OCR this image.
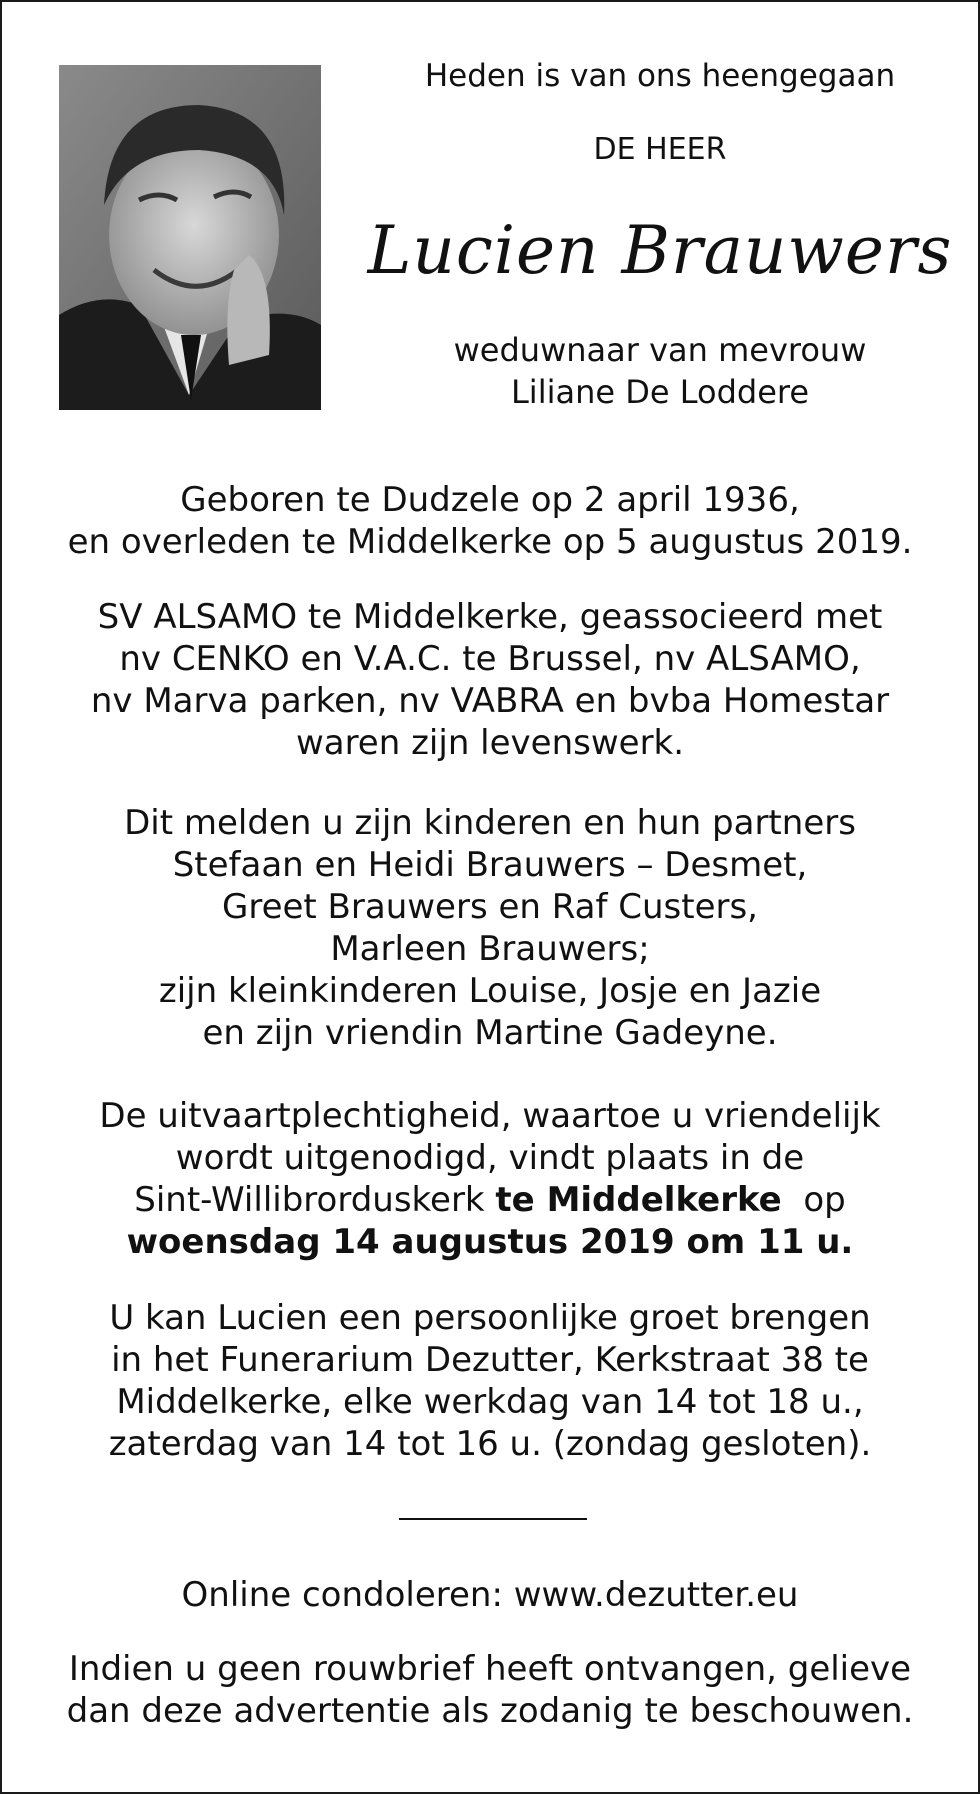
Heden is van ons heengegaan
DE HEER
Lucien Brauwers
weduwnaar van mevrouw
Liliane De Loddere
Geboren te Dudzele op 2 april 1936,
en overleden te Middelkerke op 5 augustus 2019.
SV ALSAMO te Middelkerke, geassocieerd met
nv CENKO en V.A.C. te Brussel, nv ALSAMO,
nv Marva parken, nv VABRA en bvba Homestar
waren zijn levenswerk.
Dit melden u zijn kinderen en hun partners
Stefaan en Heidi Brauwers – Desmet,
Greet Brauwers en Raf Custers,
Marleen Brauwers;
zijn kleinkinderen Louise, Josje en Jazie
en zijn vriendin Martine Gadeyne.
De uitvaartplechtigheid, waartoe u vriendelijk
wordt uitgenodigd, vindt plaats in de
Sint-Willibrorduskerk te Middelkerke  op
woensdag 14 augustus 2019 om 11 u.
U kan Lucien een persoonlijke groet brengen
in het Funerarium Dezutter, Kerkstraat 38 te
Middelkerke, elke werkdag van 14 tot 18 u.,
zaterdag van 14 tot 16 u. (zondag gesloten).
Online condoleren: www.dezutter.eu
Indien u geen rouwbrief heeft ontvangen, gelieve
dan deze advertentie als zodanig te beschouwen.
